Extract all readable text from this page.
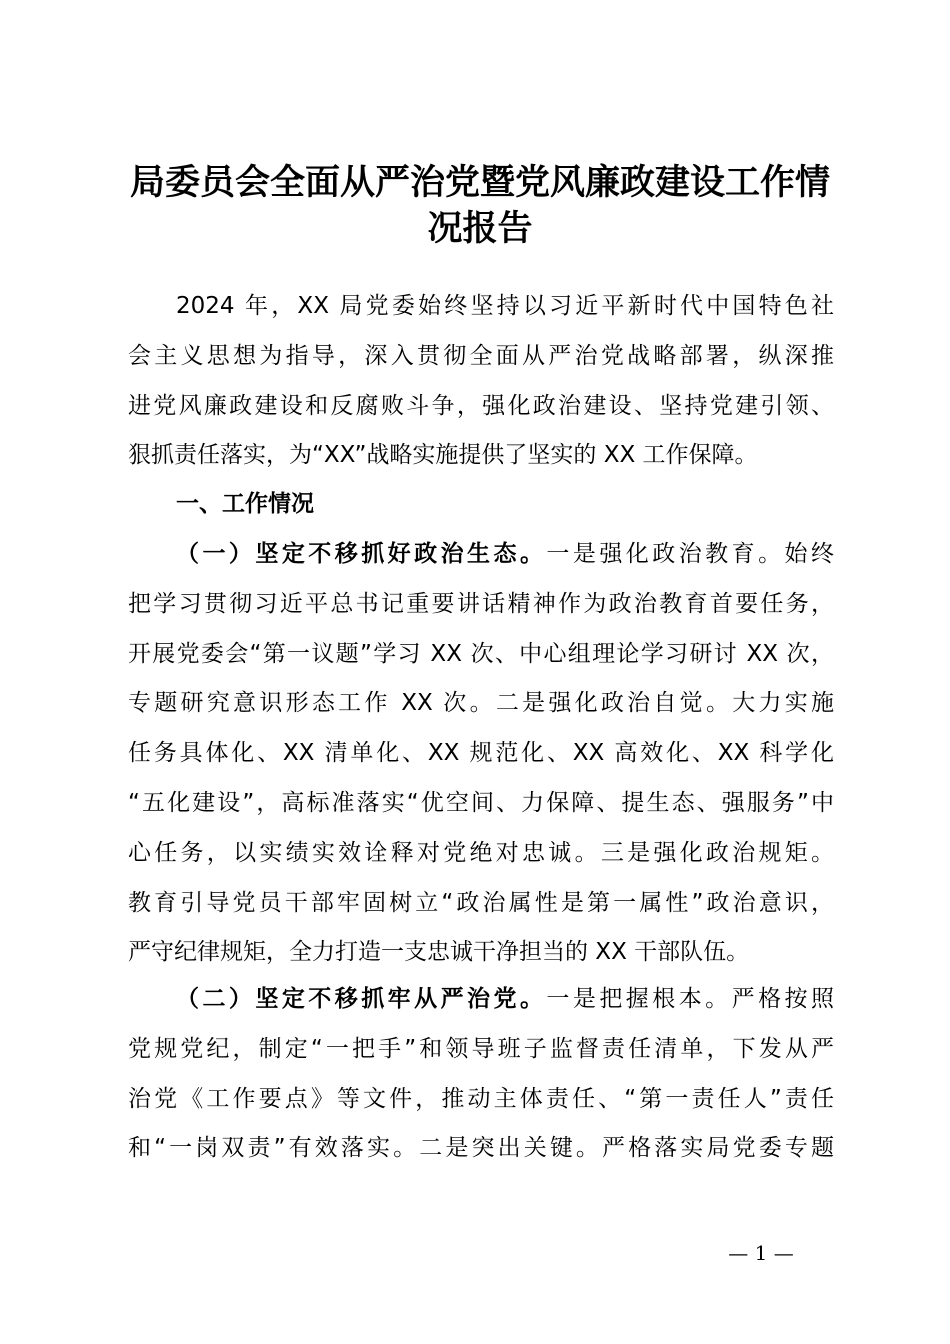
局委员会全面从严治党暨党风廉政建设工作情
况报告
2024 年，XX 局党委始终坚持以习近平新时代中国特色社
会主义思想为指导，深入贯彻全面从严治党战略部署，纵深推
进党风廉政建设和反腐败斗争，强化政治建设、坚持党建引领、
狠抓责任落实，为“XX”战略实施提供了坚实的 XX 工作保障。
一、工作情况
（一）坚定不移抓好政治生态。一是强化政治教育。始终
把学习贯彻习近平总书记重要讲话精神作为政治教育首要任务，
开展党委会“第一议题”学习 XX 次、中心组理论学习研讨 XX 次，
专题研究意识形态工作 XX 次。二是强化政治自觉。大力实施
任务具体化、XX 清单化、XX 规范化、XX 高效化、XX 科学化
“五化建设”，高标准落实“优空间、力保障、提生态、强服务”中
心任务，以实绩实效诠释对党绝对忠诚。三是强化政治规矩。
教育引导党员干部牢固树立“政治属性是第一属性”政治意识，
严守纪律规矩，全力打造一支忠诚干净担当的 XX 干部队伍。
（二）坚定不移抓牢从严治党。一是把握根本。严格按照
党规党纪，制定“一把手”和领导班子监督责任清单，下发从严
治党《工作要点》等文件，推动主体责任、“第一责任人”责任
和“一岗双责”有效落实。二是突出关键。严格落实局党委专题
— 1 —
